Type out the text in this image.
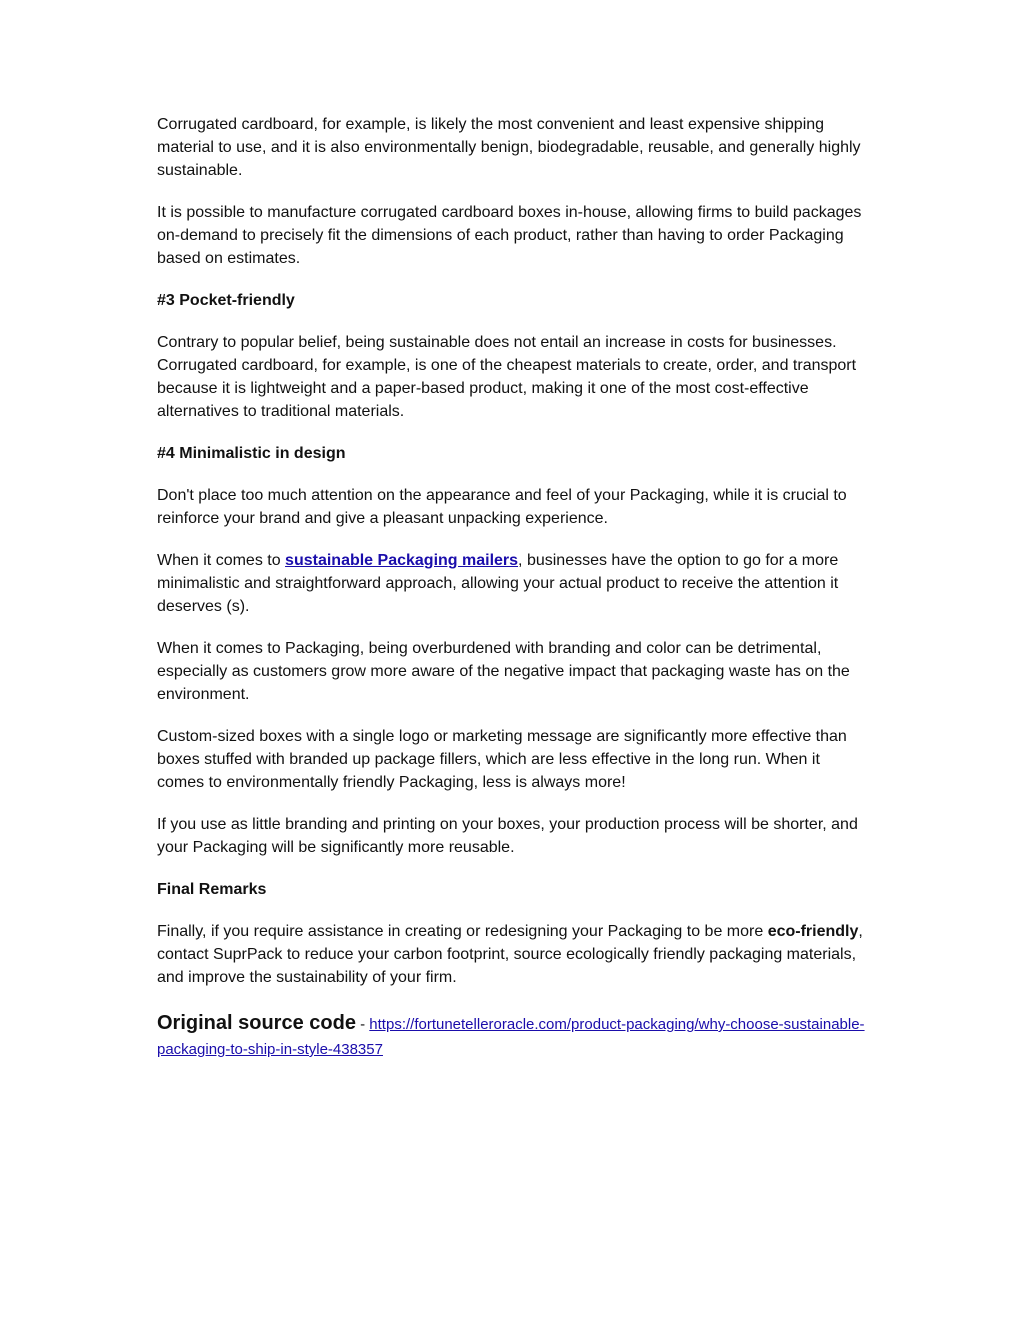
Corrugated cardboard, for example, is likely the most convenient and least expensive shipping material to use, and it is also environmentally benign, biodegradable, reusable, and generally highly sustainable.

It is possible to manufacture corrugated cardboard boxes in-house, allowing firms to build packages on-demand to precisely fit the dimensions of each product, rather than having to order Packaging based on estimates.

#3 Pocket-friendly

Contrary to popular belief, being sustainable does not entail an increase in costs for businesses. Corrugated cardboard, for example, is one of the cheapest materials to create, order, and transport because it is lightweight and a paper-based product, making it one of the most cost-effective alternatives to traditional materials.

#4 Minimalistic in design

Don't place too much attention on the appearance and feel of your Packaging, while it is crucial to reinforce your brand and give a pleasant unpacking experience.

When it comes to sustainable Packaging mailers, businesses have the option to go for a more minimalistic and straightforward approach, allowing your actual product to receive the attention it deserves (s).

When it comes to Packaging, being overburdened with branding and color can be detrimental, especially as customers grow more aware of the negative impact that packaging waste has on the environment.

Custom-sized boxes with a single logo or marketing message are significantly more effective than boxes stuffed with branded up package fillers, which are less effective in the long run. When it comes to environmentally friendly Packaging, less is always more!

If you use as little branding and printing on your boxes, your production process will be shorter, and your Packaging will be significantly more reusable.

Final Remarks

Finally, if you require assistance in creating or redesigning your Packaging to be more eco-friendly, contact SuprPack to reduce your carbon footprint, source ecologically friendly packaging materials, and improve the sustainability of your firm.

Original source code - https://fortunetelleroracle.com/product-packaging/why-choose-sustainable-packaging-to-ship-in-style-438357
